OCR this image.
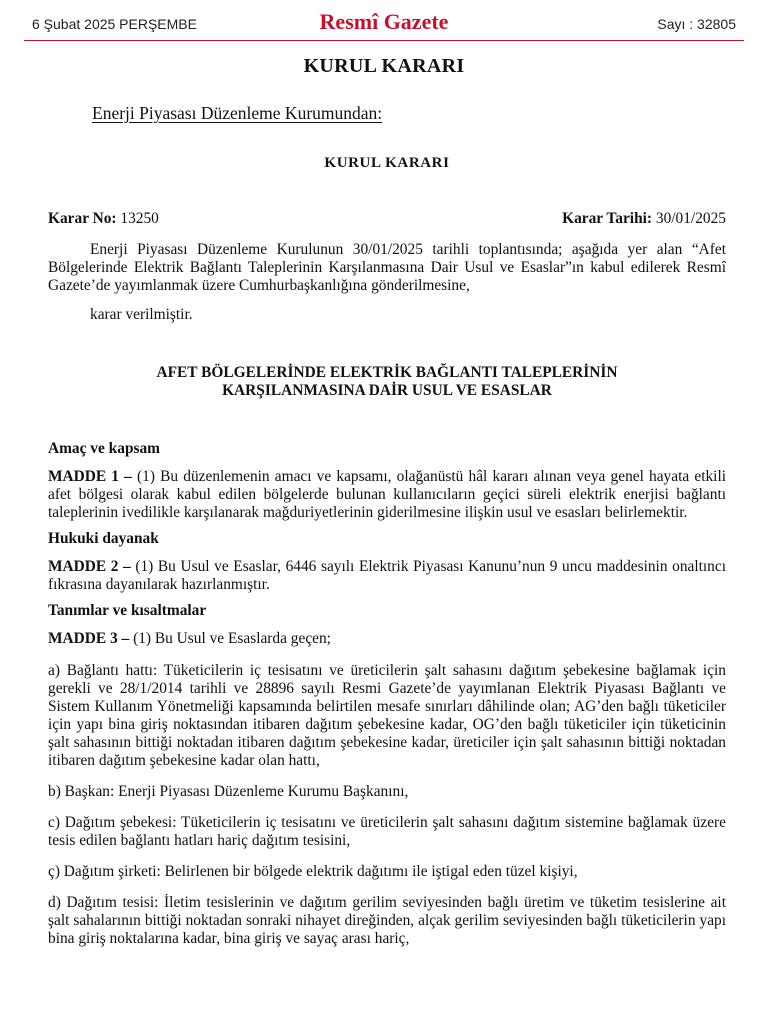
6 Şubat 2025 PERŞEMBE	Resmî Gazete	Sayı : 32805
KURUL KARARI
Enerji Piyasası Düzenleme Kurumundan:
KURUL KARARI
Karar No: 13250	Karar Tarihi: 30/01/2025
Enerji Piyasası Düzenleme Kurulunun 30/01/2025 tarihli toplantısında; aşağıda yer alan “Afet Bölgelerinde Elektrik Bağlantı Taleplerinin Karşılanmasına Dair Usul ve Esaslar”ın kabul edilerek Resmî Gazete’de yayımlanmak üzere Cumhurbaşkanlığına gönderilmesine,
karar verilmiştir.
AFET BÖLGELERİNDE ELEKTRİK BAĞLANTI TALEPLERİNİN
KARŞILANMASINA DAİR USUL VE ESASLAR
Amaç ve kapsam
MADDE 1 – (1) Bu düzenlemenin amacı ve kapsamı, olağanüstü hâl kararı alınan veya genel hayata etkili afet bölgesi olarak kabul edilen bölgelerde bulunan kullanıcıların geçici süreli elektrik enerjisi bağlantı taleplerinin ivedilikle karşılanarak mağduriyetlerinin giderilmesine ilişkin usul ve esasları belirlemektir.
Hukuki dayanak
MADDE 2 – (1) Bu Usul ve Esaslar, 6446 sayılı Elektrik Piyasası Kanunu’nun 9 uncu maddesinin onaltıncı fıkrasına dayanılarak hazırlanmıştır.
Tanımlar ve kısaltmalar
MADDE 3 – (1) Bu Usul ve Esaslarda geçen;
a) Bağlantı hattı: Tüketicilerin iç tesisatını ve üreticilerin şalt sahasını dağıtım şebekesine bağlamak için gerekli ve 28/1/2014 tarihli ve 28896 sayılı Resmi Gazete’de yayımlanan Elektrik Piyasası Bağlantı ve Sistem Kullanım Yönetmeliği kapsamında belirtilen mesafe sınırları dâhilinde olan; AG’den bağlı tüketiciler için yapı bina giriş noktasından itibaren dağıtım şebekesine kadar, OG’den bağlı tüketiciler için tüketicinin şalt sahasının bittiği noktadan itibaren dağıtım şebekesine kadar, üreticiler için şalt sahasının bittiği noktadan itibaren dağıtım şebekesine kadar olan hattı,
b) Başkan: Enerji Piyasası Düzenleme Kurumu Başkanını,
c) Dağıtım şebekesi: Tüketicilerin iç tesisatını ve üreticilerin şalt sahasını dağıtım sistemine bağlamak üzere tesis edilen bağlantı hatları hariç dağıtım tesisini,
ç) Dağıtım şirketi: Belirlenen bir bölgede elektrik dağıtımı ile iştigal eden tüzel kişiyi,
d) Dağıtım tesisi: İletim tesislerinin ve dağıtım gerilim seviyesinden bağlı üretim ve tüketim tesislerine ait şalt sahalarının bittiği noktadan sonraki nihayet direğinden, alçak gerilim seviyesinden bağlı tüketicilerin yapı bina giriş noktalarına kadar, bina giriş ve sayaç arası hariç,
